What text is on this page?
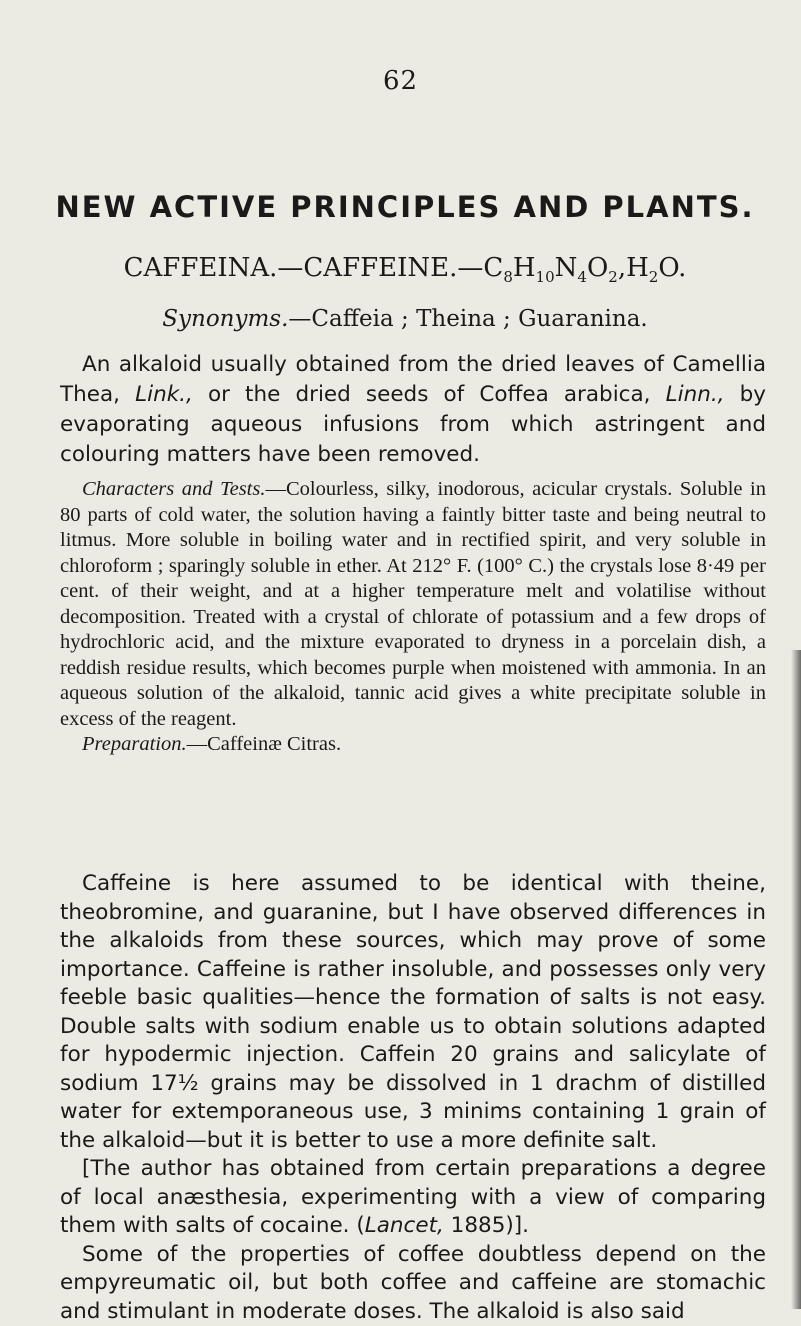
62
NEW ACTIVE PRINCIPLES AND PLANTS.
$CAFFEINA.—CAFFEINE.—C_8H_{10}N_4O_2,H_2O$.
Synonyms.—Caffeia ; Theina ; Guaranina.

An alkaloid usually obtained from the dried leaves of Camellia Thea, Link., or the dried seeds of Coffea arabica, Linn., by evaporating aqueous infusions from which astringent and colouring matters have been removed.

Characters and Tests.—Colourless, silky, inodorous, acicular crystals. Soluble in 80 parts of cold water, the solution having a faintly bitter taste and being neutral to litmus. More soluble in boiling water and in rectified spirit, and very soluble in chloroform ; sparingly soluble in ether. At 212° F. (100° C.) the crystals lose 8·49 per cent. of their weight, and at a higher temperature melt and volatilise without decomposition. Treated with a crystal of chlorate of potassium and a few drops of hydrochloric acid, and the mixture evaporated to dryness in a porcelain dish, a reddish residue results, which becomes purple when moistened with ammonia. In an aqueous solution of the alkaloid, tannic acid gives a white precipitate soluble in excess of the reagent.

Preparation.—Caffeinæ Citras.

Caffeine is here assumed to be identical with theine, theobromine, and guaranine, but I have observed differences in the alkaloids from these sources, which may prove of some importance. Caffeine is rather insoluble, and possesses only very feeble basic qualities—hence the formation of salts is not easy. Double salts with sodium enable us to obtain solutions adapted for hypodermic injection. Caffein 20 grains and salicylate of sodium 17½ grains may be dissolved in 1 drachm of distilled water for extemporaneous use, 3 minims containing 1 grain of the alkaloid—but it is better to use a more definite salt.

[The author has obtained from certain preparations a degree of local anæsthesia, experimenting with a view of comparing them with salts of cocaine. (Lancet, 1885)].

Some of the properties of coffee doubtless depend on the empyreumatic oil, but both coffee and caffeine are stomachic and stimulant in moderate doses. The alkaloid is also said
